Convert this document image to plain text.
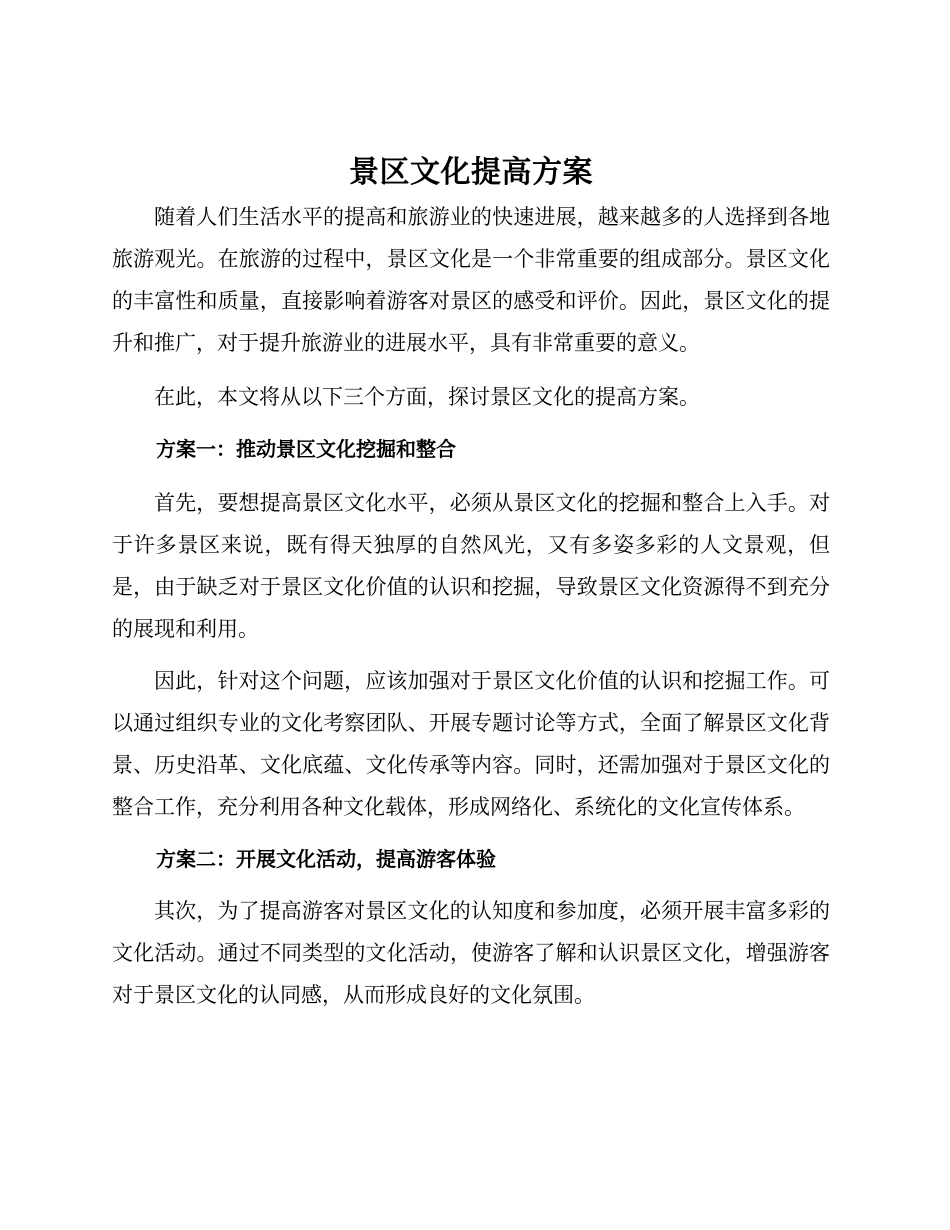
景区文化提高方案

随着人们生活水平的提高和旅游业的快速进展，越来越多的人选择到各地旅游观光。在旅游的过程中，景区文化是一个非常重要的组成部分。景区文化的丰富性和质量，直接影响着游客对景区的感受和评价。因此，景区文化的提升和推广，对于提升旅游业的进展水平，具有非常重要的意义。

在此，本文将从以下三个方面，探讨景区文化的提高方案。

方案一：推动景区文化挖掘和整合

首先，要想提高景区文化水平，必须从景区文化的挖掘和整合上入手。对于许多景区来说，既有得天独厚的自然风光，又有多姿多彩的人文景观，但是，由于缺乏对于景区文化价值的认识和挖掘，导致景区文化资源得不到充分的展现和利用。

因此，针对这个问题，应该加强对于景区文化价值的认识和挖掘工作。可以通过组织专业的文化考察团队、开展专题讨论等方式，全面了解景区文化背景、历史沿革、文化底蕴、文化传承等内容。同时，还需加强对于景区文化的整合工作，充分利用各种文化载体，形成网络化、系统化的文化宣传体系。

方案二：开展文化活动，提高游客体验

其次，为了提高游客对景区文化的认知度和参加度，必须开展丰富多彩的文化活动。通过不同类型的文化活动，使游客了解和认识景区文化，增强游客对于景区文化的认同感，从而形成良好的文化氛围。
